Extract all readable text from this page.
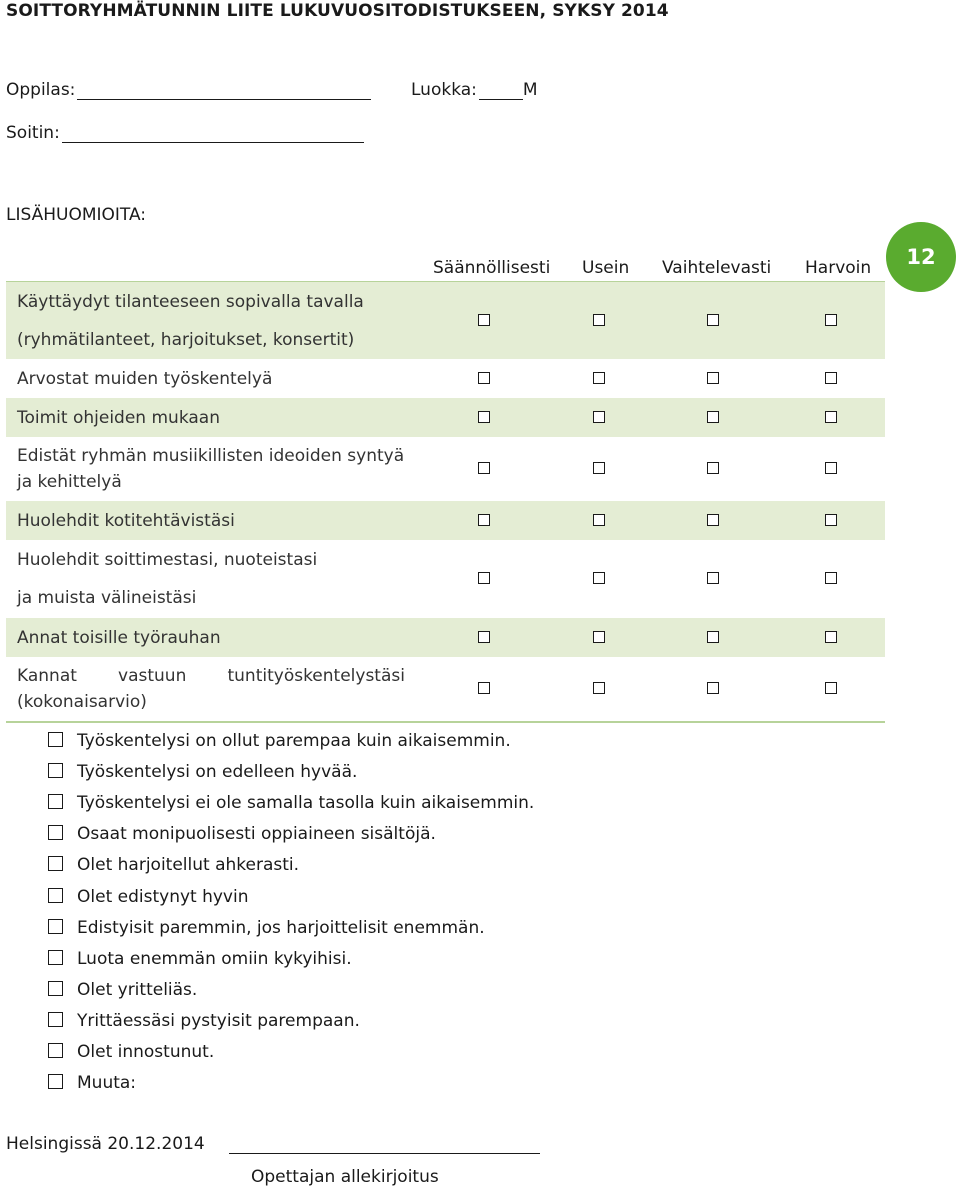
SOITTORYHMÄTUNNIN LIITE LUKUVUOSITODISTUKSEEN, SYKSY 2014
Oppilas:	Luokka:	M
Soitin:
LISÄHUOMIOITA:
12
Säännöllisesti Usein Vaihtelevasti Harvoin
Käyttäydyt tilanteeseen sopivalla tavalla
(ryhmätilanteet, harjoitukset, konsertit)
Arvostat muiden työskentelyä
Toimit ohjeiden mukaan
Edistät ryhmän musiikillisten ideoiden syntyä
ja kehittelyä
Huolehdit kotitehtävistäsi
Huolehdit soittimestasi, nuoteistasi
ja muista välineistäsi
Annat toisille työrauhan
Kannat vastuun tuntityöskentelystäsi
(kokonaisarvio)
Työskentelysi on ollut parempaa kuin aikaisemmin.
Työskentelysi on edelleen hyvää.
Työskentelysi ei ole samalla tasolla kuin aikaisemmin.
Osaat monipuolisesti oppiaineen sisältöjä.
Olet harjoitellut ahkerasti.
Olet edistynyt hyvin
Edistyisit paremmin, jos harjoittelisit enemmän.
Luota enemmän omiin kykyihisi.
Olet yritteliäs.
Yrittäessäsi pystyisit parempaan.
Olet innostunut.
Muuta:
Helsingissä 20.12.2014
Opettajan allekirjoitus
